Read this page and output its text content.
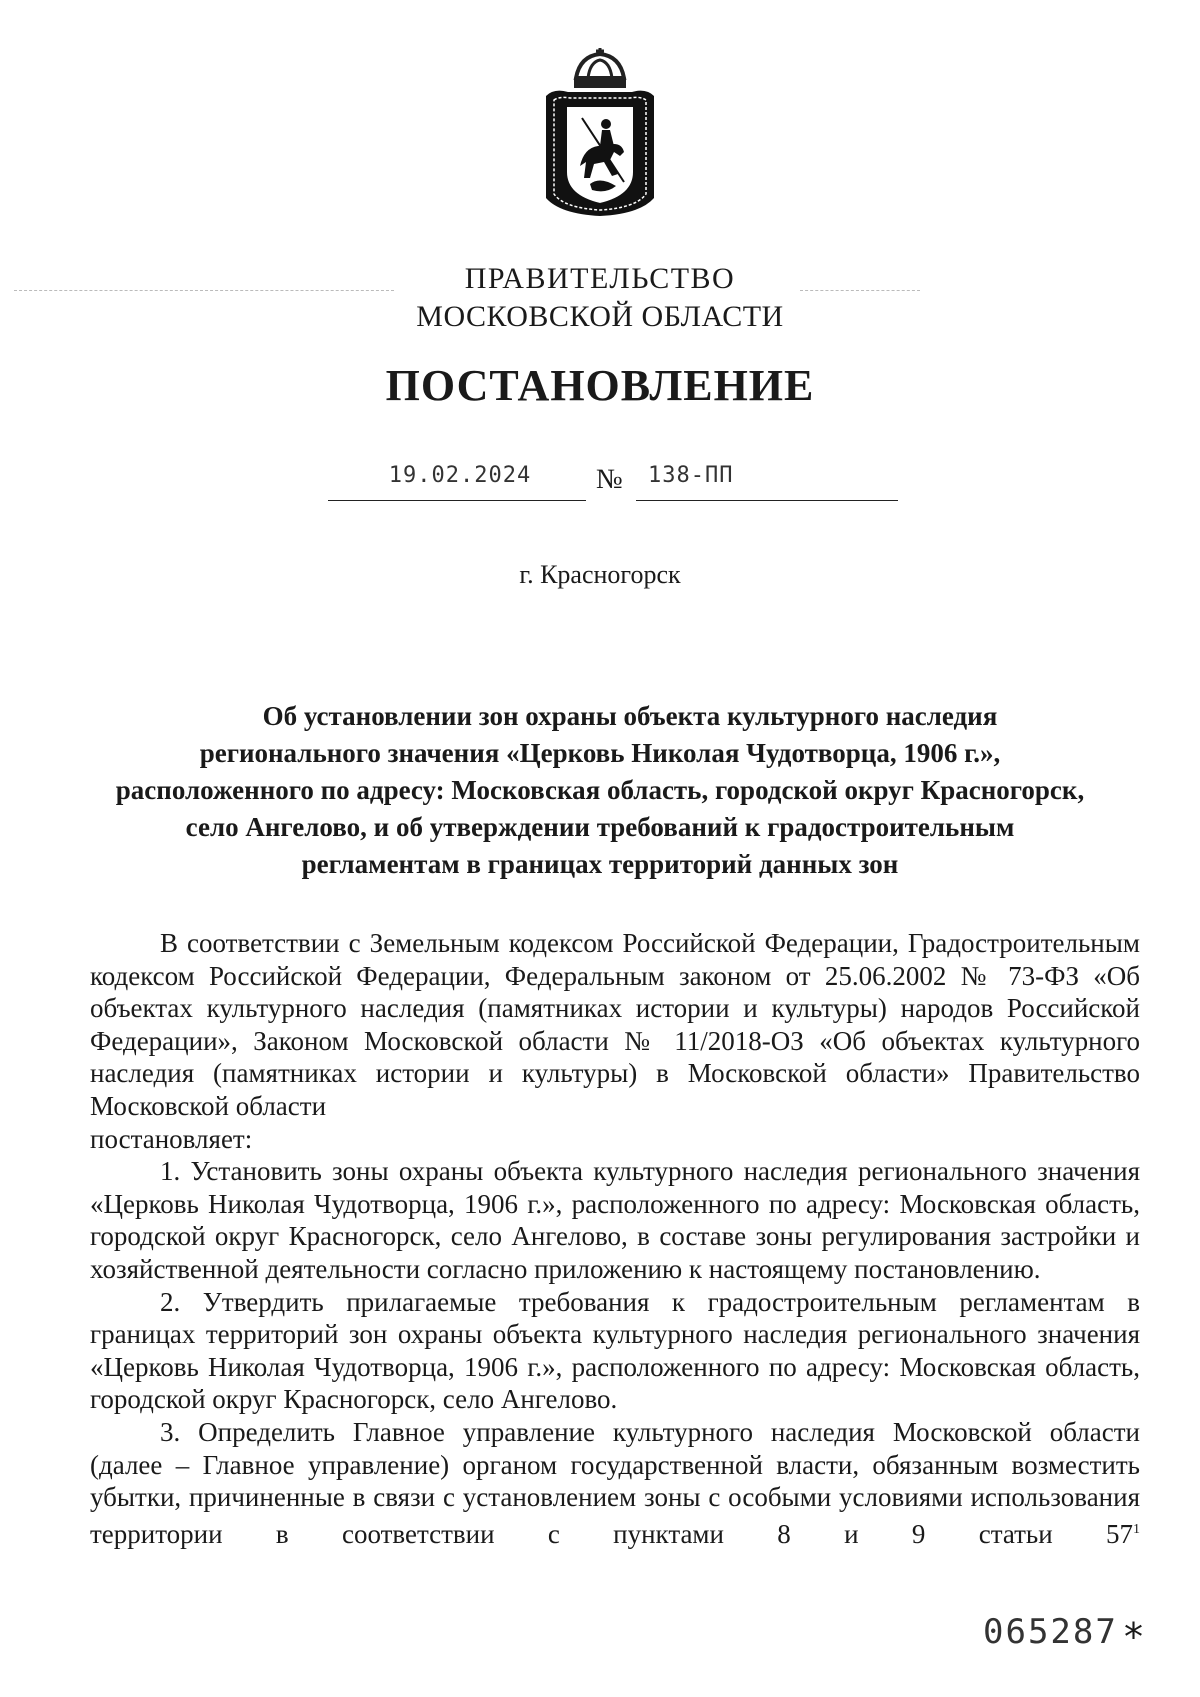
ПРАВИТЕЛЬСТВО
МОСКОВСКОЙ ОБЛАСТИ
ПОСТАНОВЛЕНИЕ
19.02.2024	№ 138-ПП
г. Красногорск
Об установлении зон охраны объекта культурного наследия
регионального значения «Церковь Николая Чудотворца, 1906 г.»,
расположенного по адресу: Московская область, городской округ Красногорск,
село Ангелово, и об утверждении требований к градостроительным
регламентам в границах территорий данных зон

В соответствии с Земельным кодексом Российской Федерации, Градостроительным кодексом Российской Федерации, Федеральным законом от 25.06.2002 № 73-ФЗ «Об объектах культурного наследия (памятниках истории и культуры) народов Российской Федерации», Законом Московской области № 11/2018-ОЗ «Об объектах культурного наследия (памятниках истории и культуры) в Московской области» Правительство Московской области
постановляет:

1. Установить зоны охраны объекта культурного наследия регионального значения «Церковь Николая Чудотворца, 1906 г.», расположенного по адресу: Московская область, городской округ Красногорск, село Ангелово, в составе зоны регулирования застройки и хозяйственной деятельности согласно приложению к настоящему постановлению.

2. Утвердить прилагаемые требования к градостроительным регламентам в границах территорий зон охраны объекта культурного наследия регионального значения «Церковь Николая Чудотворца, 1906 г.», расположенного по адресу: Московская область, городской округ Красногорск, село Ангелово.

3. Определить Главное управление культурного наследия Московской области (далее – Главное управление) органом государственной власти, обязанным возместить убытки, причиненные в связи с установлением зоны с особыми условиями использования территории в соответствии с пунктами 8 и 9 статьи $57^1$

065287 *
